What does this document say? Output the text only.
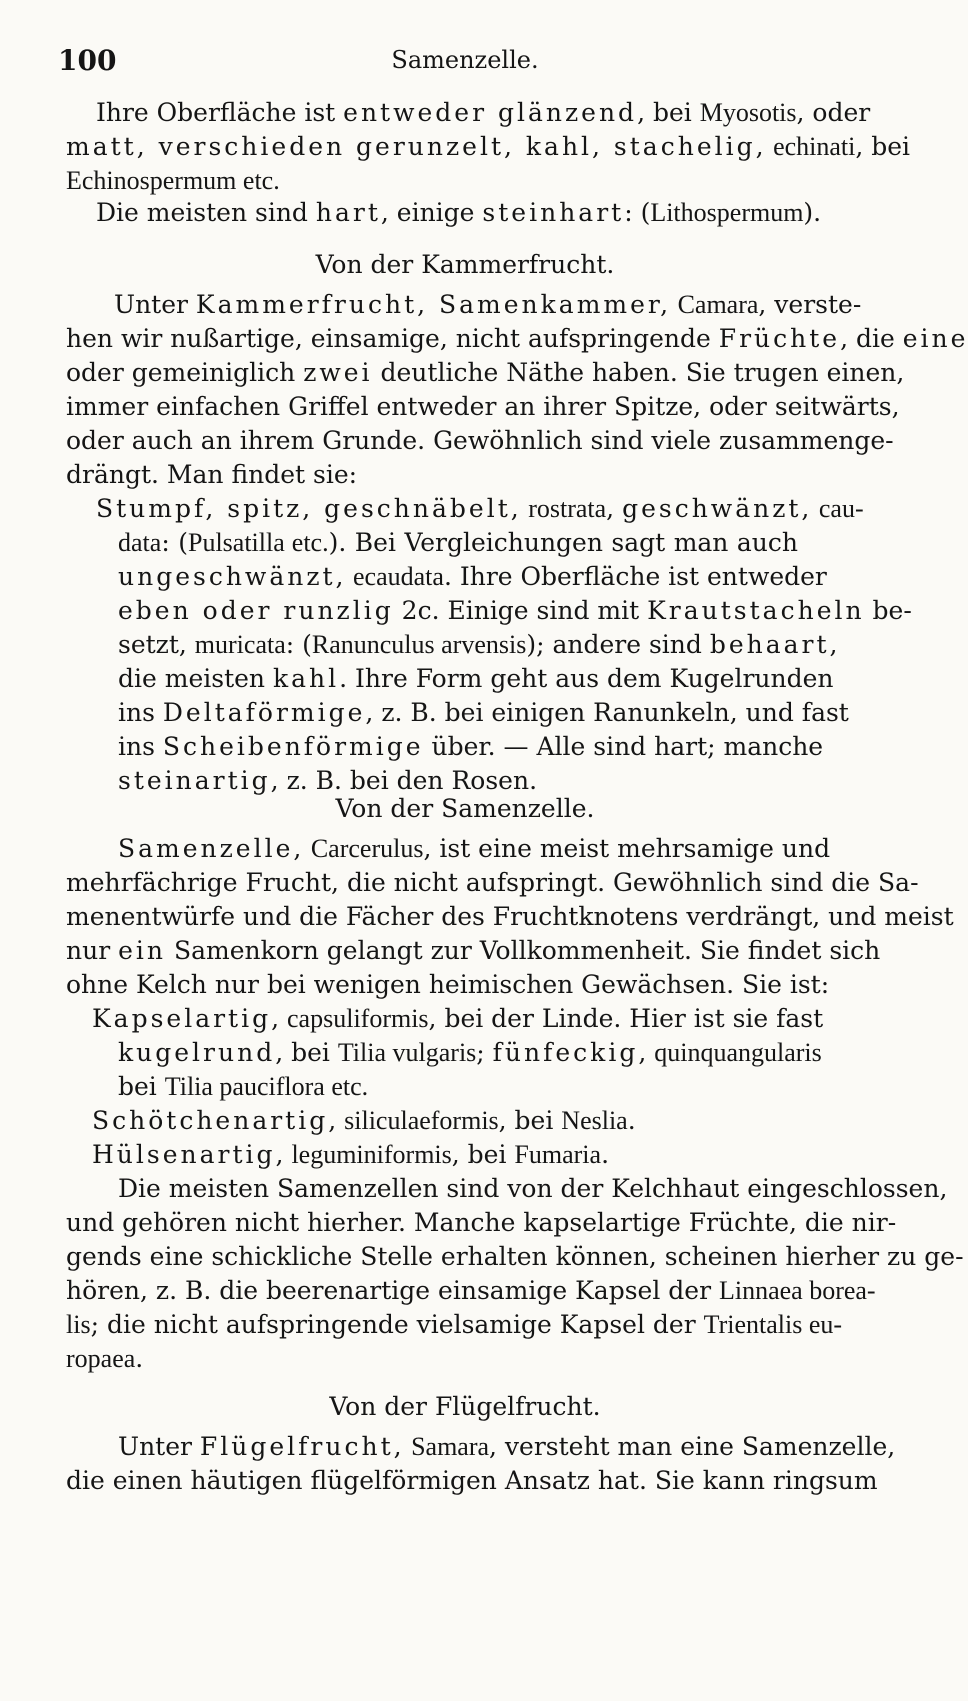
100	Samenzelle.
Ihre Oberfläche ist entweder glänzend, bei Myosotis, oder
matt, verschieden gerunzelt, kahl, stachelig, echinati, bei
Echinospermum etc.
Die meisten sind hart, einige steinhart: (Lithospermum).
Von der Kammerfrucht.
Unter Kammerfrucht, Samenkammer, Camara, verste-
hen wir nußartige, einsamige, nicht aufspringende Früchte, die eine
oder gemeiniglich zwei deutliche Näthe haben. Sie trugen einen,
immer einfachen Griffel entweder an ihrer Spitze, oder seitwärts,
oder auch an ihrem Grunde. Gewöhnlich sind viele zusammenge-
drängt. Man findet sie:
Stumpf, spitz, geschnäbelt, rostrata, geschwänzt, cau-
data: (Pulsatilla etc.). Bei Vergleichungen sagt man auch
ungeschwänzt, ecaudata. Ihre Oberfläche ist entweder
eben oder runzlig 2c. Einige sind mit Krautstacheln be-
setzt, muricata: (Ranunculus arvensis); andere sind behaart,
die meisten kahl. Ihre Form geht aus dem Kugelrunden
ins Deltaförmige, z. B. bei einigen Ranunkeln, und fast
ins Scheibenförmige über. — Alle sind hart; manche
steinartig, z. B. bei den Rosen.
Von der Samenzelle.
Samenzelle, Carcerulus, ist eine meist mehrsamige und
mehrfächrige Frucht, die nicht aufspringt. Gewöhnlich sind die Sa-
menentwürfe und die Fächer des Fruchtknotens verdrängt, und meist
nur ein Samenkorn gelangt zur Vollkommenheit. Sie findet sich
ohne Kelch nur bei wenigen heimischen Gewächsen. Sie ist:
Kapselartig, capsuliformis, bei der Linde. Hier ist sie fast
kugelrund, bei Tilia vulgaris; fünfeckig, quinquangularis
bei Tilia pauciflora etc.
Schötchenartig, siliculaeformis, bei Neslia.
Hülsenartig, leguminiformis, bei Fumaria.
Die meisten Samenzellen sind von der Kelchhaut eingeschlossen,
und gehören nicht hierher. Manche kapselartige Früchte, die nir-
gends eine schickliche Stelle erhalten können, scheinen hierher zu ge-
hören, z. B. die beerenartige einsamige Kapsel der Linnaea borea-
lis; die nicht aufspringende vielsamige Kapsel der Trientalis eu-
ropaea.
Von der Flügelfrucht.
Unter Flügelfrucht, Samara, versteht man eine Samenzelle,
die einen häutigen flügelförmigen Ansatz hat. Sie kann ringsum
